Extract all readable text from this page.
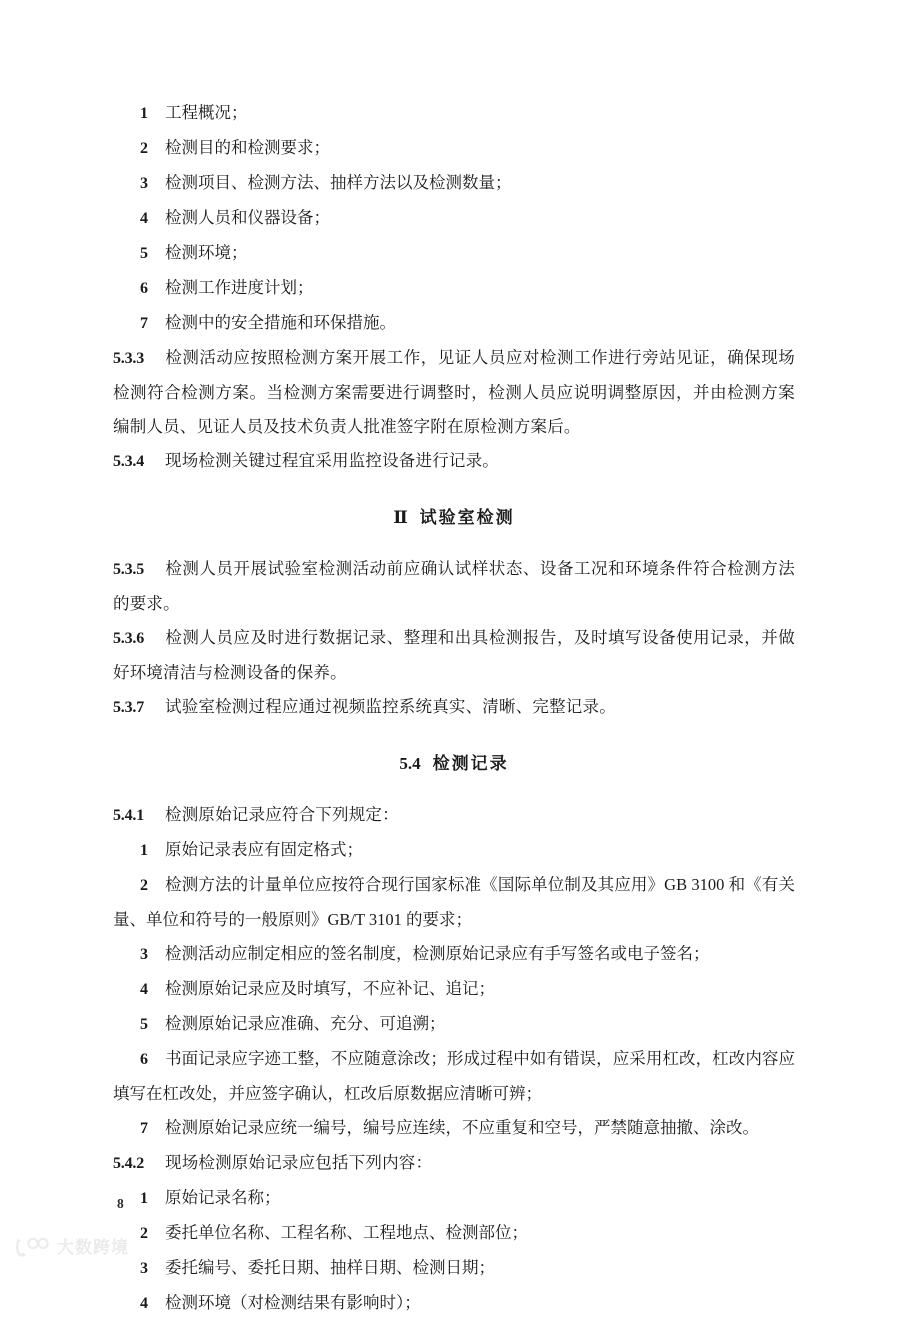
1 工程概况；
2 检测目的和检测要求；
3 检测项目、检测方法、抽样方法以及检测数量；
4 检测人员和仪器设备；
5 检测环境；
6 检测工作进度计划；
7 检测中的安全措施和环保措施。
5.3.3 检测活动应按照检测方案开展工作，见证人员应对检测工作进行旁站见证，确保现场检测符合检测方案。当检测方案需要进行调整时，检测人员应说明调整原因，并由检测方案编制人员、见证人员及技术负责人批准签字附在原检测方案后。
5.3.4 现场检测关键过程宜采用监控设备进行记录。
Ⅱ 试验室检测
5.3.5 检测人员开展试验室检测活动前应确认试样状态、设备工况和环境条件符合检测方法的要求。
5.3.6 检测人员应及时进行数据记录、整理和出具检测报告，及时填写设备使用记录，并做好环境清洁与检测设备的保养。
5.3.7 试验室检测过程应通过视频监控系统真实、清晰、完整记录。
5.4 检测记录
5.4.1 检测原始记录应符合下列规定：
1 原始记录表应有固定格式；
2 检测方法的计量单位应按符合现行国家标准《国际单位制及其应用》GB 3100 和《有关量、单位和符号的一般原则》GB/T 3101 的要求；
3 检测活动应制定相应的签名制度，检测原始记录应有手写签名或电子签名；
4 检测原始记录应及时填写，不应补记、追记；
5 检测原始记录应准确、充分、可追溯；
6 书面记录应字迹工整，不应随意涂改；形成过程中如有错误，应采用杠改，杠改内容应填写在杠改处，并应签字确认，杠改后原数据应清晰可辨；
7 检测原始记录应统一编号，编号应连续，不应重复和空号，严禁随意抽撤、涂改。
5.4.2 现场检测原始记录应包括下列内容：
1 原始记录名称；
2 委托单位名称、工程名称、工程地点、检测部位；
3 委托编号、委托日期、抽样日期、检测日期；
4 检测环境（对检测结果有影响时）；
8
大数跨境
